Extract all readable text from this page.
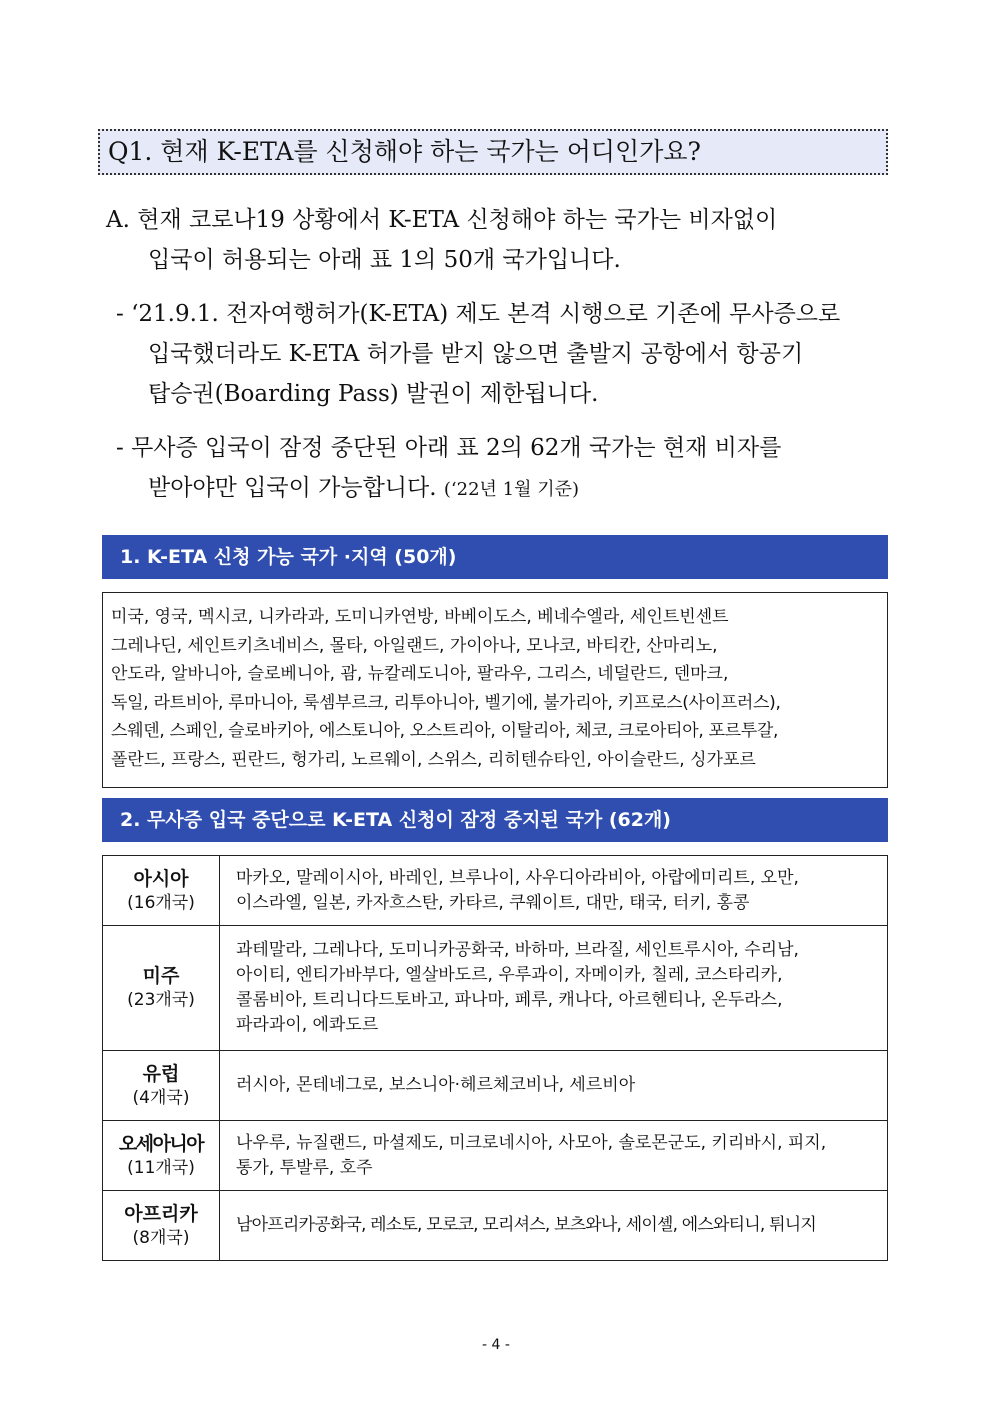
Q1. 현재 K-ETA를 신청해야 하는 국가는 어디인가요?
A. 현재 코로나19 상황에서 K-ETA 신청해야 하는 국가는 비자없이
입국이 허용되는 아래 표 1의 50개 국가입니다.
- ‘21.9.1. 전자여행허가(K-ETA) 제도 본격 시행으로 기존에 무사증으로
입국했더라도 K-ETA 허가를 받지 않으면 출발지 공항에서 항공기
탑승권(Boarding Pass) 발권이 제한됩니다.
- 무사증 입국이 잠정 중단된 아래 표 2의 62개 국가는 현재 비자를
받아야만 입국이 가능합니다. (‘22년 1월 기준)
1. K-ETA 신청 가능 국가 ·지역 (50개)
미국, 영국, 멕시코, 니카라과, 도미니카연방, 바베이도스, 베네수엘라, 세인트빈센트
그레나딘, 세인트키츠네비스, 몰타, 아일랜드, 가이아나, 모나코, 바티칸, 산마리노,
안도라, 알바니아, 슬로베니아, 괌, 뉴칼레도니아, 팔라우, 그리스, 네덜란드, 덴마크,
독일, 라트비아, 루마니아, 룩셈부르크, 리투아니아, 벨기에, 불가리아, 키프로스(사이프러스),
스웨덴, 스페인, 슬로바키아, 에스토니아, 오스트리아, 이탈리아, 체코, 크로아티아, 포르투갈,
폴란드, 프랑스, 핀란드, 헝가리, 노르웨이, 스위스, 리히텐슈타인, 아이슬란드, 싱가포르
2. 무사증 입국 중단으로 K-ETA 신청이 잠정 중지된 국가 (62개)
아시아
(16개국)	마카오, 말레이시아, 바레인, 브루나이, 사우디아라비아, 아랍에미리트, 오만,
이스라엘, 일본, 카자흐스탄, 카타르, 쿠웨이트, 대만, 태국, 터키, 홍콩

미주
(23개국)	과테말라, 그레나다, 도미니카공화국, 바하마, 브라질, 세인트루시아, 수리남,
아이티, 엔티가바부다, 엘살바도르, 우루과이, 자메이카, 칠레, 코스타리카,
콜롬비아, 트리니다드토바고, 파나마, 페루, 캐나다, 아르헨티나, 온두라스,
파라과이, 에콰도르

유럽
(4개국)	러시아, 몬테네그로, 보스니아·헤르체코비나, 세르비아

오세아니아
(11개국)	나우루, 뉴질랜드, 마셜제도, 미크로네시아, 사모아, 솔로몬군도, 키리바시, 피지,
통가, 투발루, 호주

아프리카
(8개국)	남아프리카공화국, 레소토, 모로코, 모리셔스, 보츠와나, 세이셸, 에스와티니, 튀니지
- 4 -
